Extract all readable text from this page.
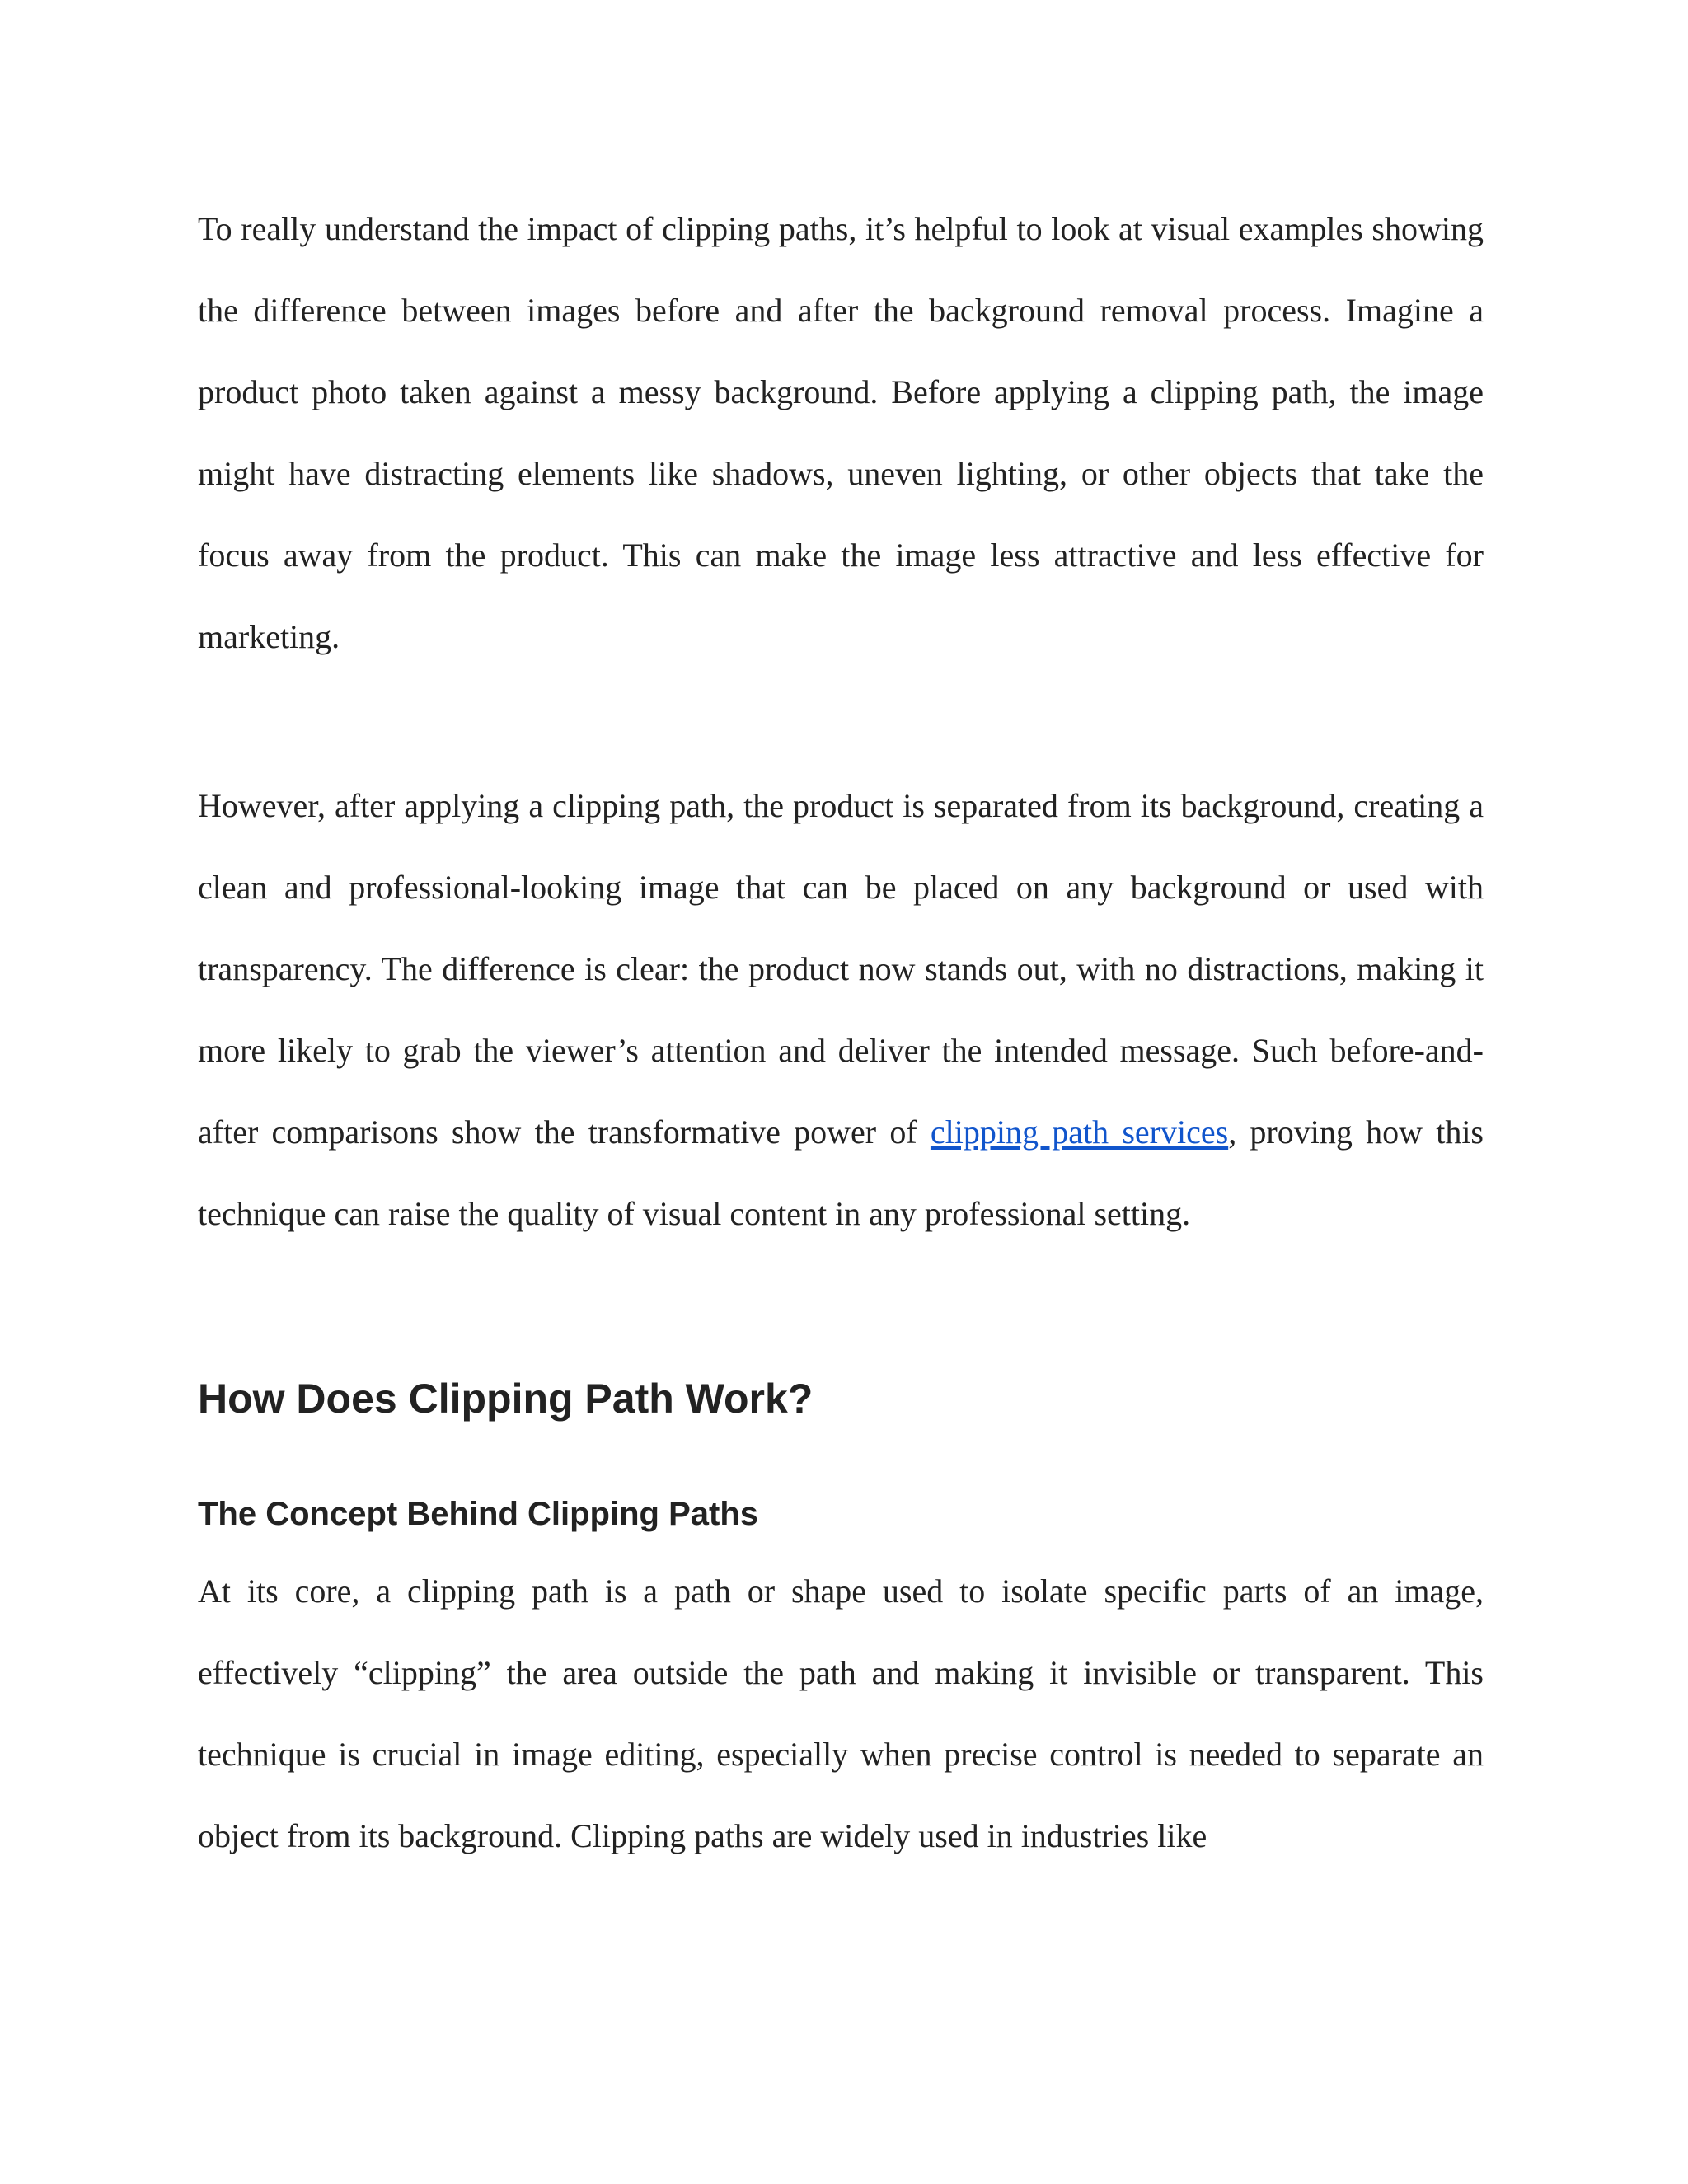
To really understand the impact of clipping paths, it’s helpful to look at visual examples showing the difference between images before and after the background removal process. Imagine a product photo taken against a messy background. Before applying a clipping path, the image might have distracting elements like shadows, uneven lighting, or other objects that take the focus away from the product. This can make the image less attractive and less effective for marketing.

However, after applying a clipping path, the product is separated from its background, creating a clean and professional-looking image that can be placed on any background or used with transparency. The difference is clear: the product now stands out, with no distractions, making it more likely to grab the viewer’s attention and deliver the intended message. Such before-and-after comparisons show the transformative power of clipping path services, proving how this technique can raise the quality of visual content in any professional setting.

How Does Clipping Path Work?
The Concept Behind Clipping Paths

At its core, a clipping path is a path or shape used to isolate specific parts of an image, effectively “clipping” the area outside the path and making it invisible or transparent. This technique is crucial in image editing, especially when precise control is needed to separate an object from its background. Clipping paths are widely used in industries like
